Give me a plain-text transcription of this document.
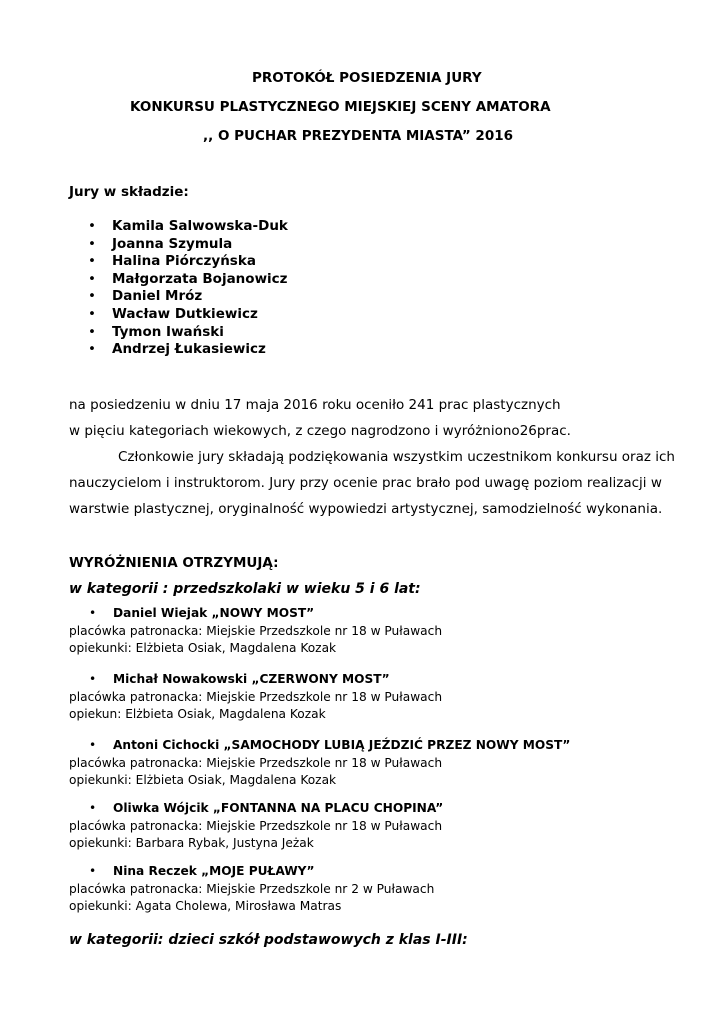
PROTOKÓŁ POSIEDZENIA JURY
KONKURSU PLASTYCZNEGO MIEJSKIEJ SCENY AMATORA
,, O PUCHAR PREZYDENTA MIASTA” 2016
Jury w składzie:
• Kamila Salwowska-Duk
• Joanna Szymula
• Halina Piórczyńska
• Małgorzata Bojanowicz
• Daniel Mróz
• Wacław Dutkiewicz
• Tymon Iwański
• Andrzej Łukasiewicz
na posiedzeniu w dniu 17 maja 2016 roku oceniło 241 prac plastycznych
w pięciu kategoriach wiekowych, z czego nagrodzono i wyróżniono26prac.
Członkowie jury składają podziękowania wszystkim uczestnikom konkursu oraz ich
nauczycielom i instruktorom. Jury przy ocenie prac brało pod uwagę poziom realizacji w
warstwie plastycznej, oryginalność wypowiedzi artystycznej, samodzielność wykonania.
WYRÓŻNIENIA OTRZYMUJĄ:
w kategorii : przedszkolaki w wieku 5 i 6 lat:
• Daniel Wiejak „NOWY MOST”
placówka patronacka: Miejskie Przedszkole nr 18 w Puławach
opiekunki: Elżbieta Osiak, Magdalena Kozak
• Michał Nowakowski „CZERWONY MOST”
placówka patronacka: Miejskie Przedszkole nr 18 w Puławach
opiekun: Elżbieta Osiak, Magdalena Kozak
• Antoni Cichocki „SAMOCHODY LUBIĄ JEŹDZIĆ PRZEZ NOWY MOST”
placówka patronacka: Miejskie Przedszkole nr 18 w Puławach
opiekunki: Elżbieta Osiak, Magdalena Kozak
• Oliwka Wójcik „FONTANNA NA PLACU CHOPINA”
placówka patronacka: Miejskie Przedszkole nr 18 w Puławach
opiekunki: Barbara Rybak, Justyna Jeżak
• Nina Reczek „MOJE PUŁAWY”
placówka patronacka: Miejskie Przedszkole nr 2 w Puławach
opiekunki: Agata Cholewa, Mirosława Matras
w kategorii: dzieci szkół podstawowych z klas I-III:
